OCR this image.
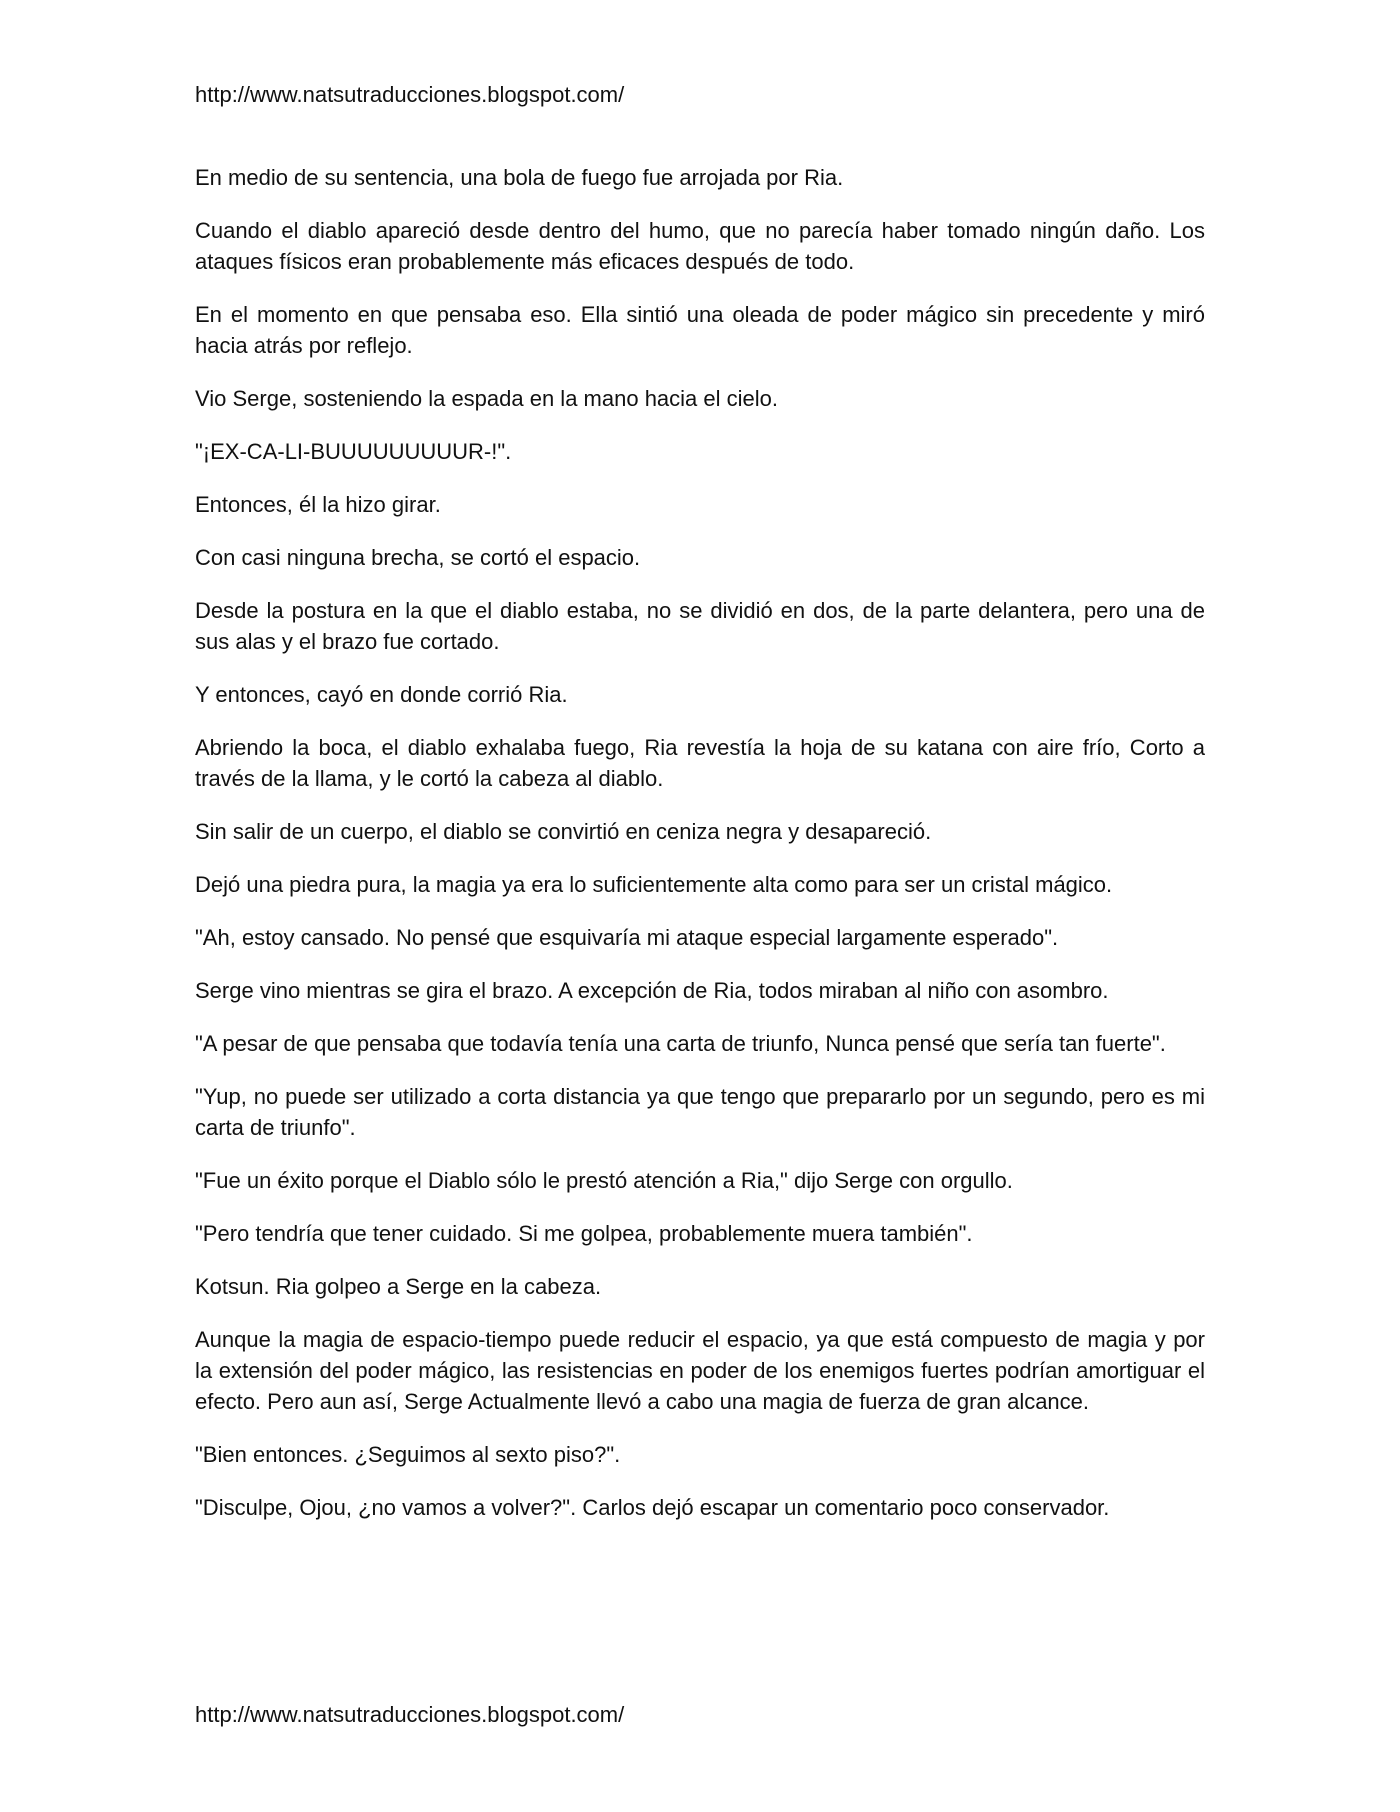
http://www.natsutraducciones.blogspot.com/

En medio de su sentencia, una bola de fuego fue arrojada por Ria.

Cuando el diablo apareció desde dentro del humo, que no parecía haber tomado ningún daño. Los ataques físicos eran probablemente más eficaces después de todo.

En el momento en que pensaba eso. Ella sintió una oleada de poder mágico sin precedente y miró hacia atrás por reflejo.

Vio Serge, sosteniendo la espada en la mano hacia el cielo.

"¡EX-CA-LI-BUUUUUUUUUR-!".

Entonces, él la hizo girar.

Con casi ninguna brecha, se cortó el espacio.

Desde la postura en la que el diablo estaba, no se dividió en dos, de la parte delantera, pero una de sus alas y el brazo fue cortado.

Y entonces, cayó en donde corrió Ria.

Abriendo la boca, el diablo exhalaba fuego, Ria revestía la hoja de su katana con aire frío, Corto a través de la llama, y le cortó la cabeza al diablo.

Sin salir de un cuerpo, el diablo se convirtió en ceniza negra y desapareció.

Dejó una piedra pura, la magia ya era lo suficientemente alta como para ser un cristal mágico.

"Ah, estoy cansado. No pensé que esquivaría mi ataque especial largamente esperado".

Serge vino mientras se gira el brazo. A excepción de Ria, todos miraban al niño con asombro.

"A pesar de que pensaba que todavía tenía una carta de triunfo, Nunca pensé que sería tan fuerte".

"Yup, no puede ser utilizado a corta distancia ya que tengo que prepararlo por un segundo, pero es mi carta de triunfo".

"Fue un éxito porque el Diablo sólo le prestó atención a Ria," dijo Serge con orgullo.

"Pero tendría que tener cuidado. Si me golpea, probablemente muera también".

Kotsun. Ria golpeo a Serge en la cabeza.

Aunque la magia de espacio-tiempo puede reducir el espacio, ya que está compuesto de magia y por la extensión del poder mágico, las resistencias en poder de los enemigos fuertes podrían amortiguar el efecto. Pero aun así, Serge Actualmente llevó a cabo una magia de fuerza de gran alcance.

"Bien entonces. ¿Seguimos al sexto piso?".

"Disculpe, Ojou, ¿no vamos a volver?". Carlos dejó escapar un comentario poco conservador.

http://www.natsutraducciones.blogspot.com/
